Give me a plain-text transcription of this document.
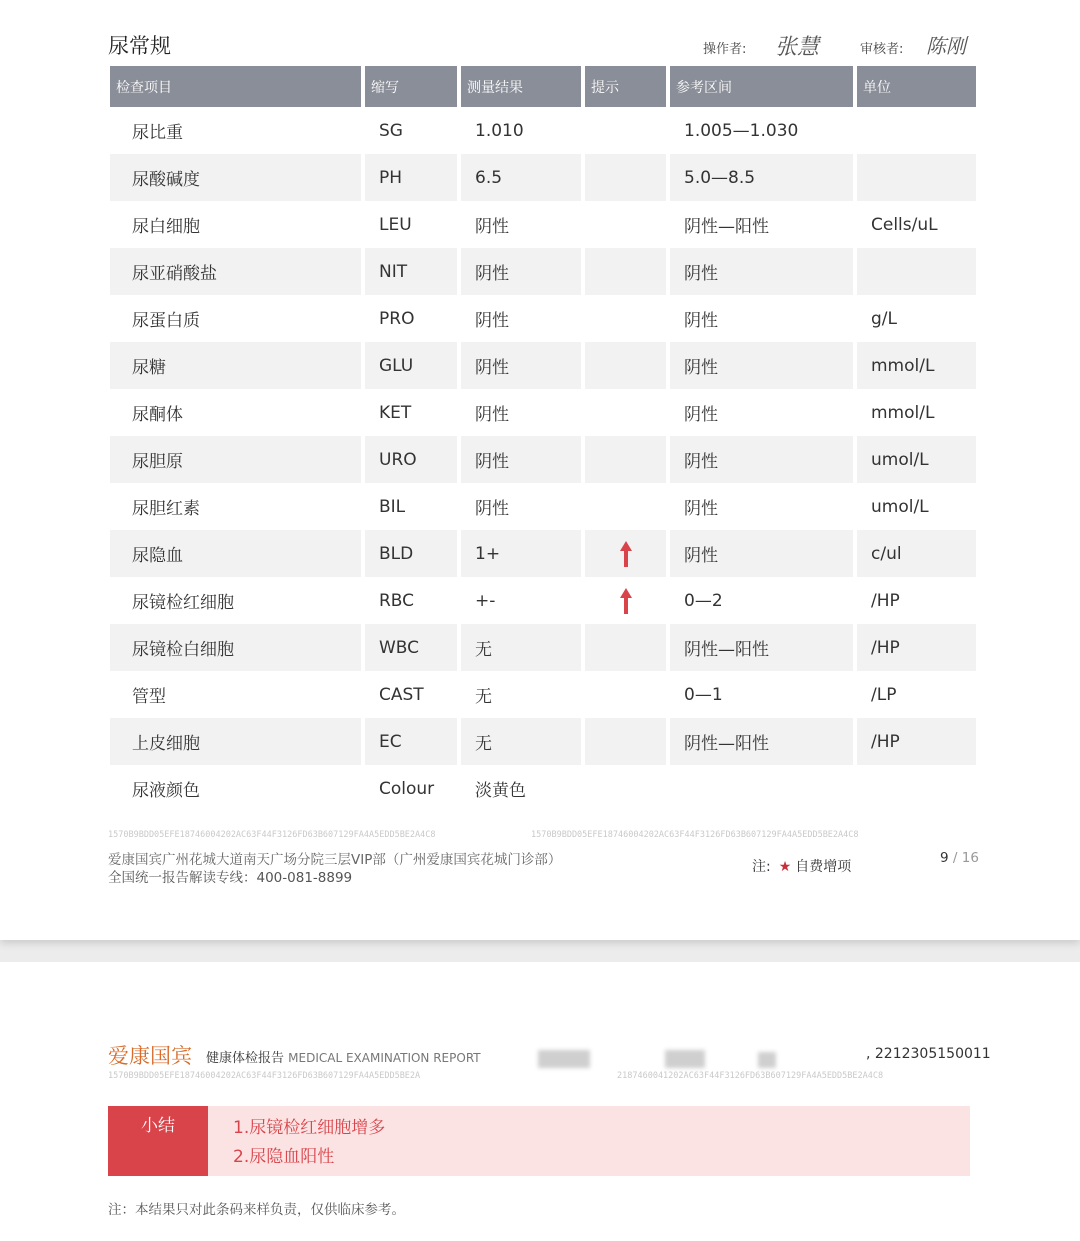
尿常规	操作者: 张慧	审核者: 陈刚
检查项目	缩写	测量结果	提示	参考区间	单位
尿比重	SG	1.010		1.005—1.030	
尿酸碱度	PH	6.5		5.0—8.5	
尿白细胞	LEU	阴性		阴性—阳性	Cells/uL
尿亚硝酸盐	NIT	阴性		阴性	
尿蛋白质	PRO	阴性		阴性	g/L
尿糖	GLU	阴性		阴性	mmol/L
尿酮体	KET	阴性		阴性	mmol/L
尿胆原	URO	阴性		阴性	umol/L
尿胆红素	BIL	阴性		阴性	umol/L
尿隐血	BLD	1+		阴性	c/ul
尿镜检红细胞	RBC	+-		0—2	/HP
尿镜检白细胞	WBC	无		阴性—阳性	/HP
管型	CAST	无		0—1	/LP
上皮细胞	EC	无		阴性—阳性	/HP
尿液颜色	Colour	淡黄色			
1570B9BDD05EFE18746004202AC63F44F3126FD63B607129FA4A5EDD5BE2A4C8	1570B9BDD05EFE18746004202AC63F44F3126FD63B607129FA4A5EDD5BE2A4C8
爱康国宾广州花城大道南天广场分院三层VIP部（广州爱康国宾花城门诊部）
全国统一报告解读专线：400-081-8899
注: ★ 自费增项
9 / 16
爱康国宾 健康体检报告 MEDICAL EXAMINATION REPORT	, 2212305150011
1570B9BDD05EFE18746004202AC63F44F3126FD63B607129FA4A5EDD5BE2A	2187460041202AC63F44F3126FD63B607129FA4A5EDD5BE2A4C8
小结	1.尿镜检红细胞增多
2.尿隐血阳性
注：本结果只对此条码来样负责，仅供临床参考。
